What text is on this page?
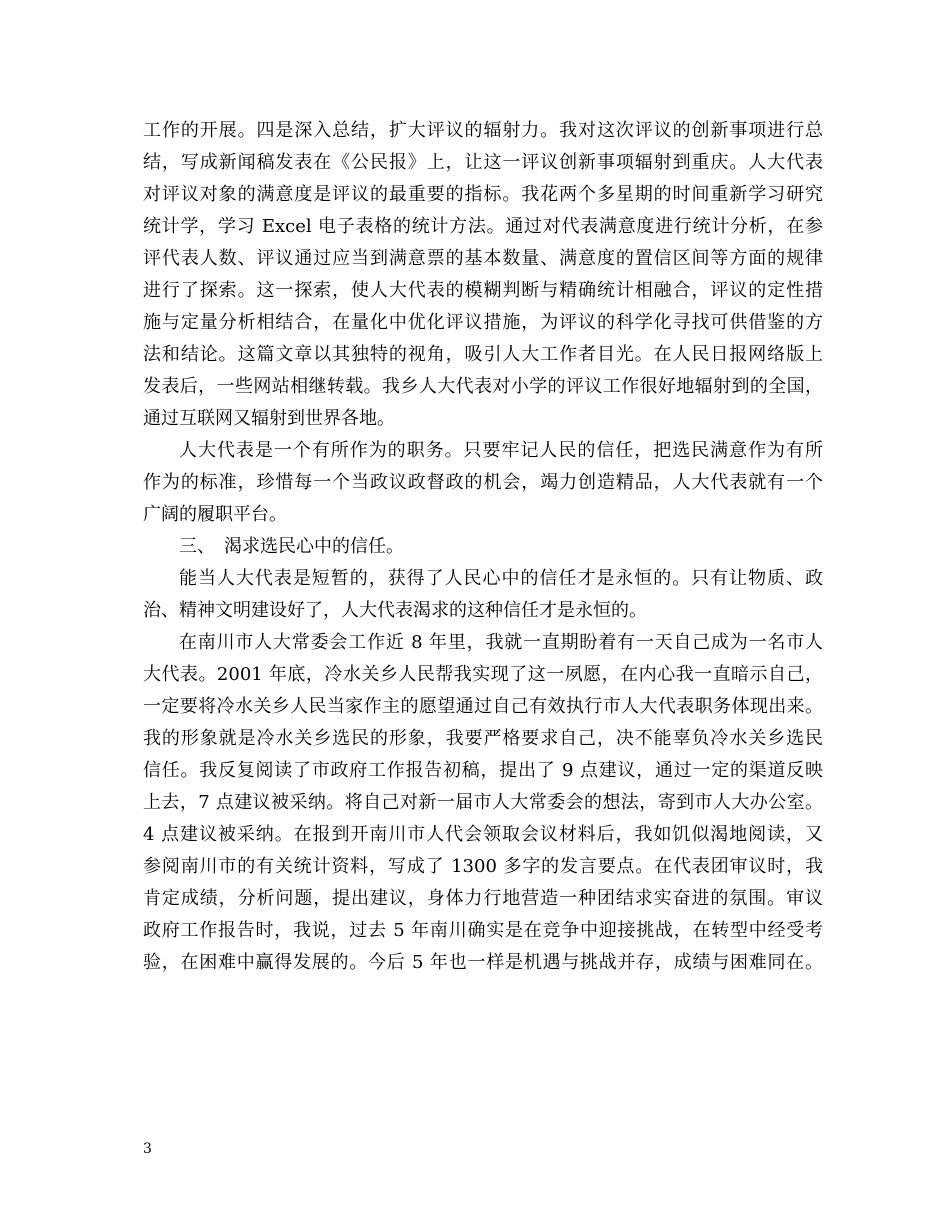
工作的开展。四是深入总结，扩大评议的辐射力。我对这次评议的创新事项进行总
结，写成新闻稿发表在《公民报》上，让这一评议创新事项辐射到重庆。人大代表
对评议对象的满意度是评议的最重要的指标。我花两个多星期的时间重新学习研究
统计学，学习 Excel 电子表格的统计方法。通过对代表满意度进行统计分析，在参
评代表人数、评议通过应当到满意票的基本数量、满意度的置信区间等方面的规律
进行了探索。这一探索，使人大代表的模糊判断与精确统计相融合，评议的定性措
施与定量分析相结合，在量化中优化评议措施，为评议的科学化寻找可供借鉴的方
法和结论。这篇文章以其独特的视角，吸引人大工作者目光。在人民日报网络版上
发表后，一些网站相继转载。我乡人大代表对小学的评议工作很好地辐射到的全国，
通过互联网又辐射到世界各地。
人大代表是一个有所作为的职务。只要牢记人民的信任，把选民满意作为有所
作为的标准，珍惜每一个当政议政督政的机会，竭力创造精品，人大代表就有一个
广阔的履职平台。
三、　渴求选民心中的信任。
能当人大代表是短暂的，获得了人民心中的信任才是永恒的。只有让物质、政
治、精神文明建设好了，人大代表渴求的这种信任才是永恒的。
在南川市人大常委会工作近 8 年里，我就一直期盼着有一天自己成为一名市人
大代表。2001 年底，冷水关乡人民帮我实现了这一夙愿，在内心我一直暗示自己，
一定要将冷水关乡人民当家作主的愿望通过自己有效执行市人大代表职务体现出来。
我的形象就是冷水关乡选民的形象，我要严格要求自己，决不能辜负冷水关乡选民
信任。我反复阅读了市政府工作报告初稿，提出了 9 点建议，通过一定的渠道反映
上去，7 点建议被采纳。将自己对新一届市人大常委会的想法，寄到市人大办公室。
4 点建议被采纳。在报到开南川市人代会领取会议材料后，我如饥似渴地阅读，又
参阅南川市的有关统计资料，写成了 1300 多字的发言要点。在代表团审议时，我
肯定成绩，分析问题，提出建议，身体力行地营造一种团结求实奋进的氛围。审议
政府工作报告时，我说，过去 5 年南川确实是在竞争中迎接挑战，在转型中经受考
验，在困难中赢得发展的。今后 5 年也一样是机遇与挑战并存，成绩与困难同在。
3
